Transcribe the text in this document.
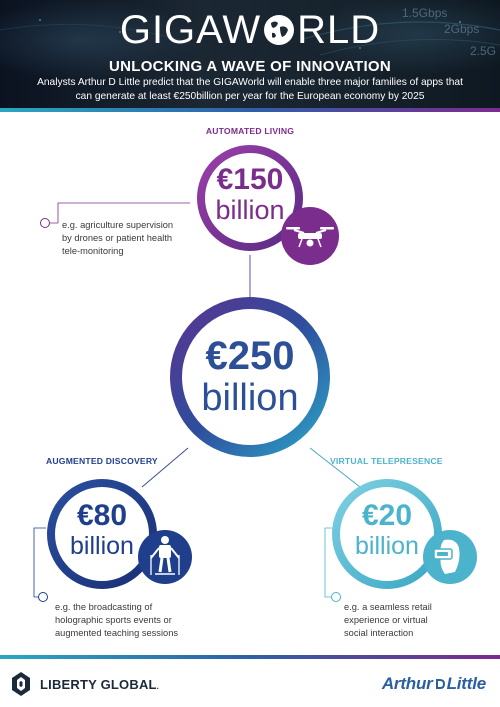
1.5Gbps
2Gbps
2.5G
GIGAW RLD
UNLOCKING A WAVE OF INNOVATION
Analysts Arthur D Little predict that the GIGAWorld will enable three major families of apps that can generate at least €250billion per year for the European economy by 2025
AUTOMATED LIVING
AUGMENTED DISCOVERY	VIRTUAL TELEPRESENCE
€150
billion
€250
billion
€80
billion
€20
billion
e.g. agriculture supervision
by drones or patient health
tele-monitoring
e.g. the broadcasting of
holographic sports events or
augmented teaching sessions
e.g. a seamless retail
experience or virtual
social interaction
LIBERTY GLOBAL.	Arthur Little
